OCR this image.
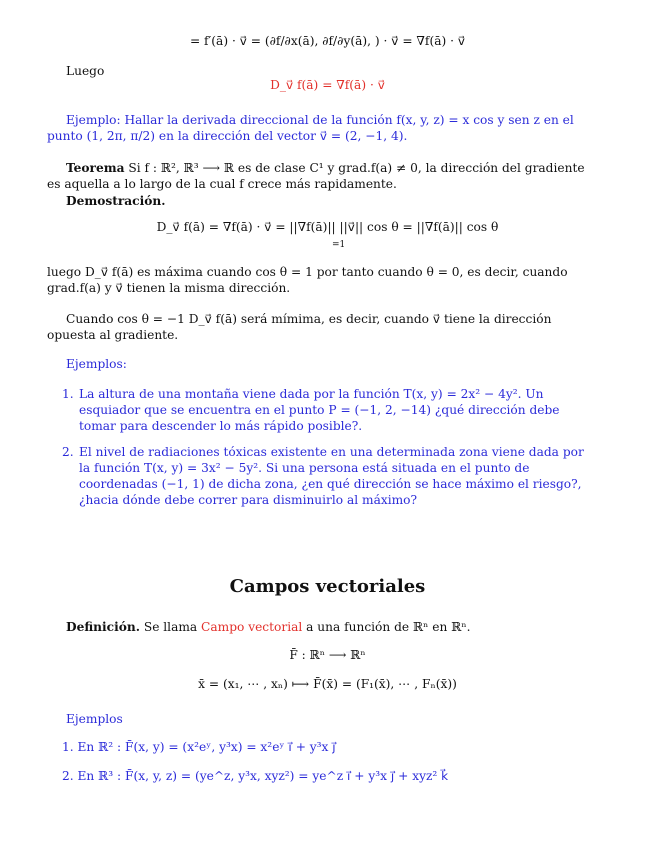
= f′(ā) · v⃗ = (∂f/∂x(ā), ∂f/∂y(ā), ) · v⃗ = ∇f(ā) · v⃗
Luego
D_v⃗ f(ā) = ∇f(ā) · v⃗
Ejemplo: Hallar la derivada direccional de la función f(x, y, z) = x cos y sen z en el punto (1, 2π, π/2) en la dirección del vector v⃗ = (2, −1, 4).
Teorema Si f : ℝ², ℝ³ ⟶ ℝ es de clase C¹ y grad.f(a) ≠ 0, la dirección del gradiente es aquella a lo largo de la cual f crece más rapidamente.
Demostración.
D_v⃗ f(ā) = ∇f(ā) · v⃗ = ||∇f(ā)|| ||v⃗|| cos θ = ||∇f(ā)|| cos θ
=1
luego D_v⃗ f(ā) es máxima cuando cos θ = 1 por tanto cuando θ = 0, es decir, cuando grad.f(a) y v⃗ tienen la misma dirección.
Cuando cos θ = −1 D_v⃗ f(ā) será mímima, es decir, cuando v⃗ tiene la dirección opuesta al gradiente.
Ejemplos:
1. La altura de una montaña viene dada por la función T(x, y) = 2x² − 4y². Un esquiador que se encuentra en el punto P = (−1, 2, −14) ¿qué dirección debe tomar para descender lo más rápido posible?.
2. El nivel de radiaciones tóxicas existente en una determinada zona viene dada por la función T(x, y) = 3x² − 5y². Si una persona está situada en el punto de coordenadas (−1, 1) de dicha zona, ¿en qué dirección se hace máximo el riesgo?, ¿hacia dónde debe correr para disminuirlo al máximo?
Campos vectoriales
Definición. Se llama Campo vectorial a una función de ℝⁿ en ℝⁿ.
F̄ : ℝⁿ ⟶ ℝⁿ
x̄ = (x₁, ⋯ , xₙ) ⟼ F̄(x̄) = (F₁(x̄), ⋯ , Fₙ(x̄))
Ejemplos
1. En ℝ² : F̄(x, y) = (x²eʸ, y³x) = x²eʸ i⃗ + y³x j⃗
2. En ℝ³ : F̄(x, y, z) = (ye^z, y³x, xyz²) = ye^z i⃗ + y³x j⃗ + xyz² k⃗
